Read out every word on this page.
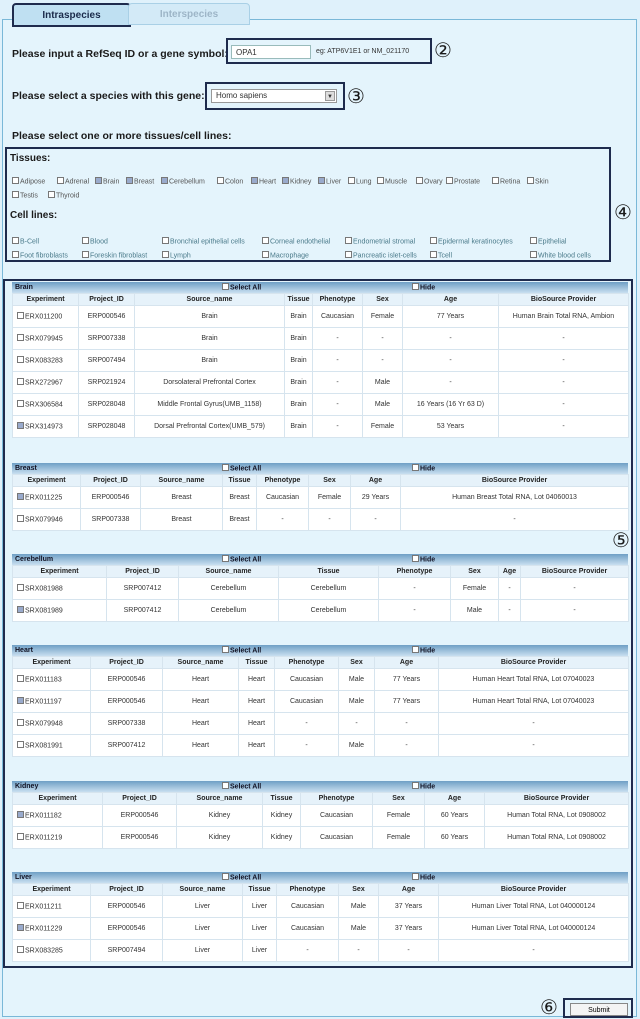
Intraspecies	Interspecies
Please input a RefSeq ID or a gene symbol:	OPA1	eg: ATP6V1E1 or NM_021170 ②
Please select a species with this gene:	Homo sapiens	▼ ③
Please select one or more tissues/cell lines:
Tissues:
Adipose	Adrenal	Brain	Breast	Cerebellum	Colon	Heart	Kidney	Liver	Lung	Muscle	Ovary	Prostate	Retina	Skin
Testis	Thyroid
Cell lines:
B-Cell	Blood	Bronchial epithelial cells	Corneal endothelial	Endometrial stromal	Epidermal keratinocytes	Epithelial
Foot fibroblasts	Foreskin fibroblast	Lymph	Macrophage	Pancreatic islet-cells	Tcell	White blood cells
④
Brain	Select All	Hide
Experiment	Project_ID	Source_name	Tissue	Phenotype	Sex	Age	BioSource Provider
ERX011200	ERP000546	Brain	Brain	Caucasian	Female	77 Years	Human Brain Total RNA, Ambion
SRX079945	SRP007338	Brain	Brain	-	-	-	-
SRX083283	SRP007494	Brain	Brain	-	-	-	-
SRX272967	SRP021924	Dorsolateral Prefrontal Cortex	Brain	-	Male	-	-
SRX306584	SRP028048	Middle Frontal Gyrus(UMB_1158)	Brain	-	Male	16 Years (16 Yr 63 D)	-
SRX314973	SRP028048	Dorsal Prefrontal Cortex(UMB_579)	Brain	-	Female	53 Years	-
Breast	Select All	Hide
Experiment	Project_ID	Source_name	Tissue	Phenotype	Sex	Age	BioSource Provider
ERX011225	ERP000546	Breast	Breast	Caucasian	Female	29 Years	Human Breast Total RNA, Lot 04060013
SRX079946	SRP007338	Breast	Breast	-	-	-	-
Cerebellum	Select All	Hide
Experiment	Project_ID	Source_name	Tissue	Phenotype	Sex	Age	BioSource Provider
SRX081988	SRP007412	Cerebellum	Cerebellum	-	Female	-	-
SRX081989	SRP007412	Cerebellum	Cerebellum	-	Male	-	-
Heart	Select All	Hide
Experiment	Project_ID	Source_name	Tissue	Phenotype	Sex	Age	BioSource Provider
ERX011183	ERP000546	Heart	Heart	Caucasian	Male	77 Years	Human Heart Total RNA, Lot 07040023
ERX011197	ERP000546	Heart	Heart	Caucasian	Male	77 Years	Human Heart Total RNA, Lot 07040023
SRX079948	SRP007338	Heart	Heart	-	-	-	-
SRX081991	SRP007412	Heart	Heart	-	Male	-	-
Kidney	Select All	Hide
Experiment	Project_ID	Source_name	Tissue	Phenotype	Sex	Age	BioSource Provider
ERX011182	ERP000546	Kidney	Kidney	Caucasian	Female	60 Years	Human Total RNA, Lot 0908002
ERX011219	ERP000546	Kidney	Kidney	Caucasian	Female	60 Years	Human Total RNA, Lot 0908002
Liver	Select All	Hide
Experiment	Project_ID	Source_name	Tissue	Phenotype	Sex	Age	BioSource Provider
ERX011211	ERP000546	Liver	Liver	Caucasian	Male	37 Years	Human Liver Total RNA, Lot 040000124
ERX011229	ERP000546	Liver	Liver	Caucasian	Male	37 Years	Human Liver Total RNA, Lot 040000124
SRX083285	SRP007494	Liver	Liver	-	-	-	-
⑤
⑥	Submit
